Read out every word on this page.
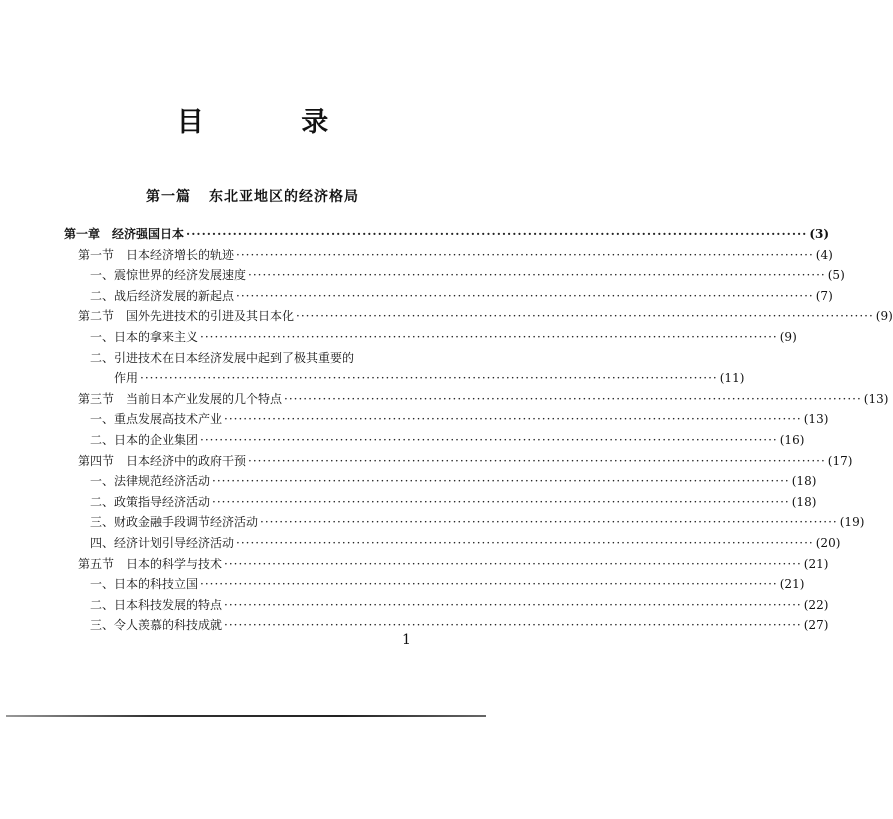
目 录
第一篇 东北亚地区的经济格局
1
第一章 经济强国日本 ························································································································ (3)
第一节 日本经济增长的轨迹 ························································································································ (4)
一、震惊世界的经济发展速度 ························································································································ (5)
二、战后经济发展的新起点 ························································································································ (7)
第二节 国外先进技术的引进及其日本化 ························································································································ (9)
一、日本的拿来主义 ························································································································ (9)
二、引进技术在日本经济发展中起到了极其重要的
作用 ························································································································ (11)
第三节 当前日本产业发展的几个特点 ························································································································ (13)
一、重点发展高技术产业 ························································································································ (13)
二、日本的企业集团 ························································································································ (16)
第四节 日本经济中的政府干预 ························································································································ (17)
一、法律规范经济活动 ························································································································ (18)
二、政策指导经济活动 ························································································································ (18)
三、财政金融手段调节经济活动 ························································································································ (19)
四、经济计划引导经济活动 ························································································································ (20)
第五节 日本的科学与技术 ························································································································ (21)
一、日本的科技立国 ························································································································ (21)
二、日本科技发展的特点 ························································································································ (22)
三、令人羡慕的科技成就 ························································································································ (27)
